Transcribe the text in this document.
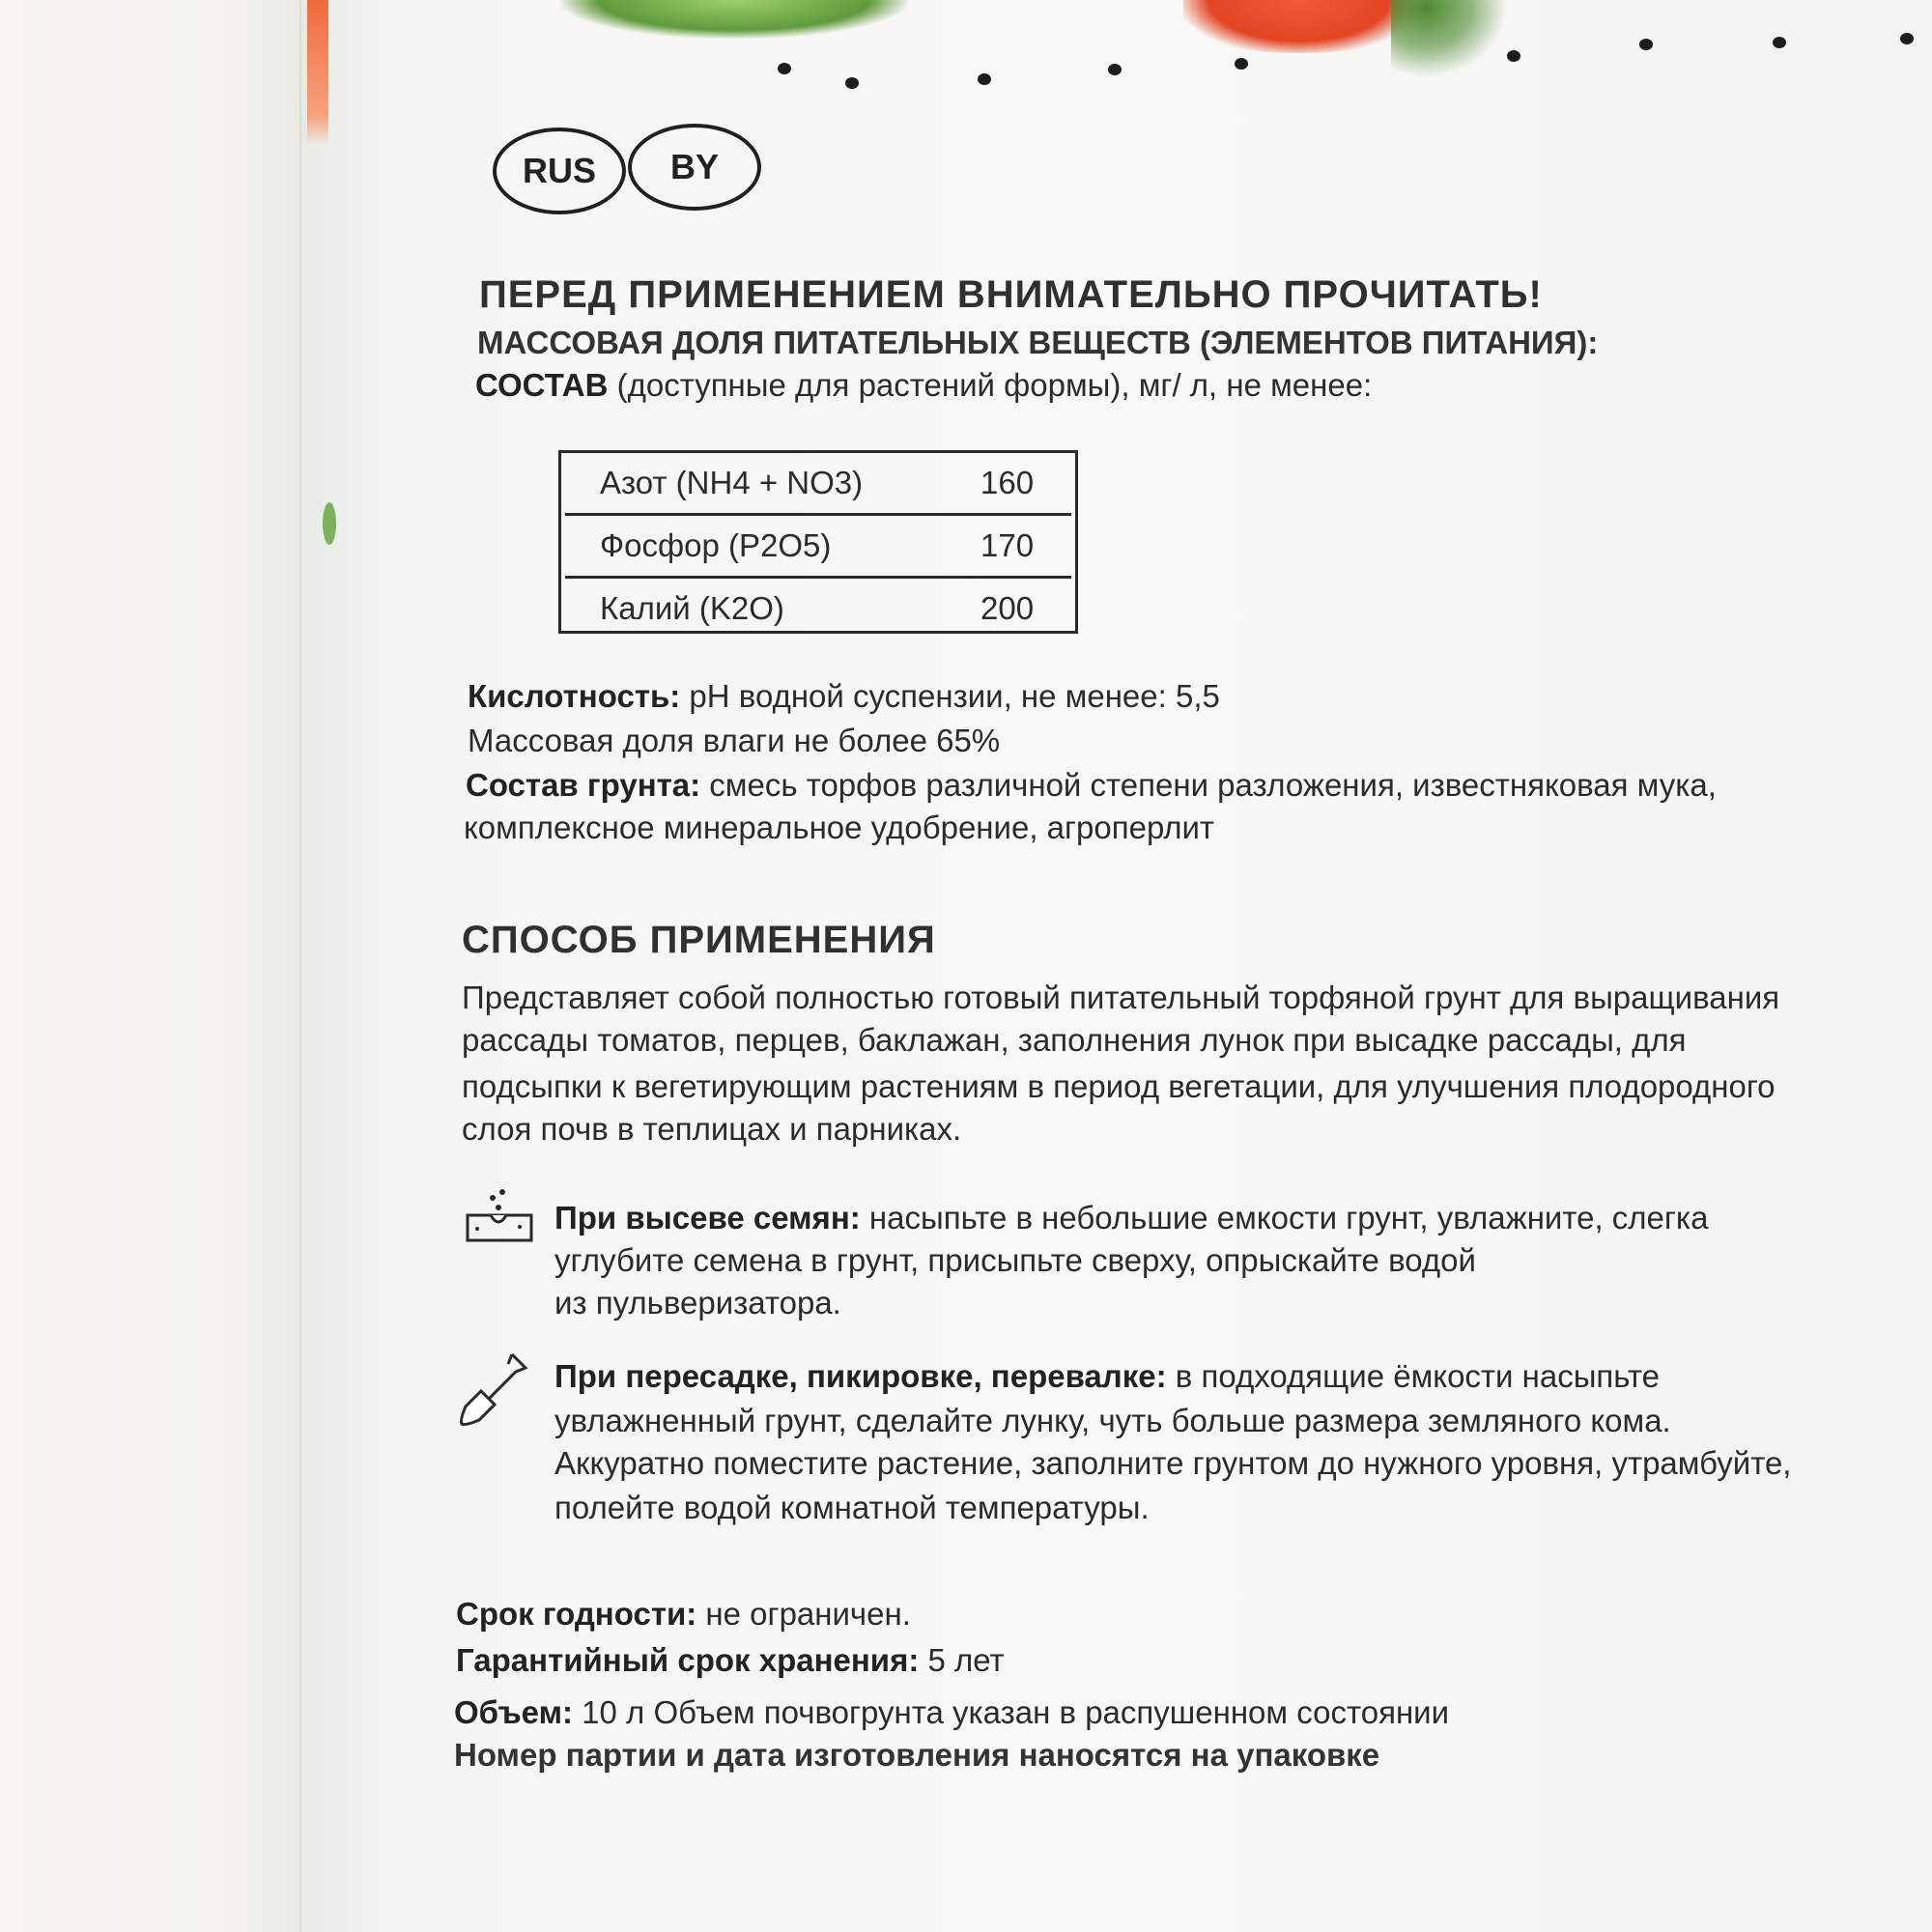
RUS	BY
ПЕРЕД ПРИМЕНЕНИЕМ ВНИМАТЕЛЬНО ПРОЧИТАТЬ!
МАССОВАЯ ДОЛЯ ПИТАТЕЛЬНЫХ ВЕЩЕСТВ (ЭЛЕМЕНТОВ ПИТАНИЯ):
СОСТАВ (доступные для растений формы), мг/ л, не менее:
Азот (NH4 + NO3)	160
Фосфор (P2O5)	170
Калий (K2O)	200
Кислотность: pH водной суспензии, не менее: 5,5
Массовая доля влаги не более 65%
Состав грунта: смесь торфов различной степени разложения, известняковая мука,
комплексное минеральное удобрение, агроперлит
СПОСОБ ПРИМЕНЕНИЯ
Представляет собой полностью готовый питательный торфяной грунт для выращивания
рассады томатов, перцев, баклажан, заполнения лунок при высадке рассады, для
подсыпки к вегетирующим растениям в период вегетации, для улучшения плодородного
слоя почв в теплицах и парниках.
При высеве семян: насыпьте в небольшие емкости грунт, увлажните, слегка
углубите семена в грунт, присыпьте сверху, опрыскайте водой
из пульверизатора.
При пересадке, пикировке, перевалке: в подходящие ёмкости насыпьте
увлажненный грунт, сделайте лунку, чуть больше размера земляного кома.
Аккуратно поместите растение, заполните грунтом до нужного уровня, утрамбуйте,
полейте водой комнатной температуры.
Срок годности: не ограничен.
Гарантийный срок хранения: 5 лет
Объем: 10 л Объем почвогрунта указан в распушенном состоянии
Номер партии и дата изготовления наносятся на упаковке
